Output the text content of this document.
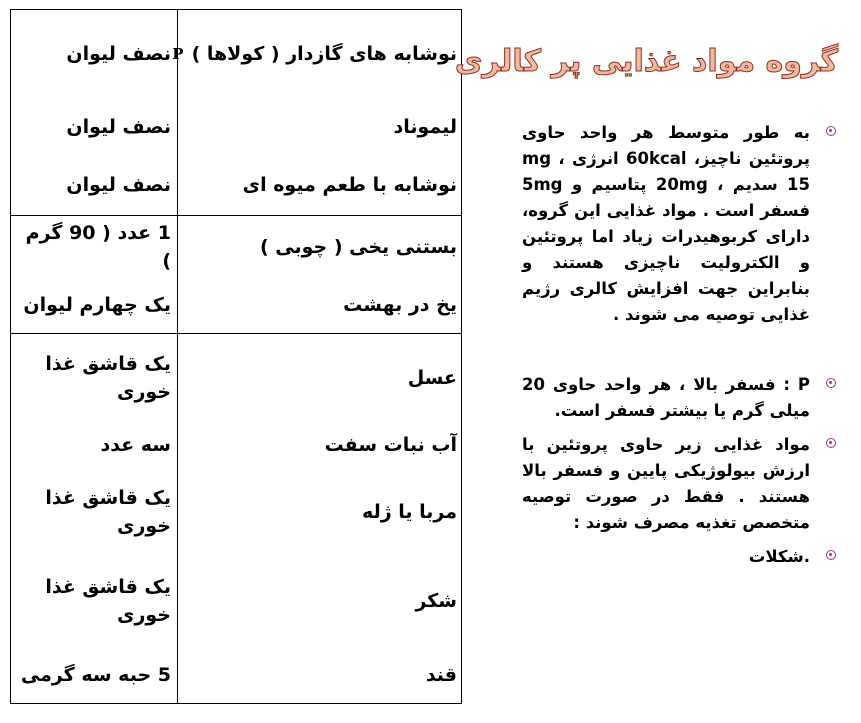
نوشابه های گازدار ( کولاها )
P
نصف لیوان
لیموناد
نصف لیوان
نوشابه با طعم میوه ای
نصف لیوان
بستنی یخی ( چوبی )
1 عدد ( 90 گرم )
یخ در بهشت
یک چهارم لیوان
عسل
یک قاشق غذا خوری
آب نبات سفت
سه عدد
مربا یا ژله
یک قاشق غذا خوری
شکر
یک قاشق غذا خوری
قند
5 حبه سه گرمی
گروه مواد غذایی پر کالری
به طور متوسط هر واحد حاوی پروتئین ناچیز، 60kcal انرژی ، mg 15 سدیم ، 20mg پتاسیم و 5mg فسفر است . مواد غذایی این گروه، دارای کربوهیدرات زیاد اما پروتئین و الکترولیت ناچیزی هستند و بنابراین جهت افزایش کالری رژیم غذایی توصیه می شوند .
P : فسفر بالا ، هر واحد حاوی 20 میلی گرم یا بیشتر فسفر است.
مواد غذایی زیر حاوی پروتئین با ارزش بیولوژیکی پایین و فسفر بالا هستند . فقط در صورت توصیه متخصص تغذیه مصرف شوند :
.شکلات
